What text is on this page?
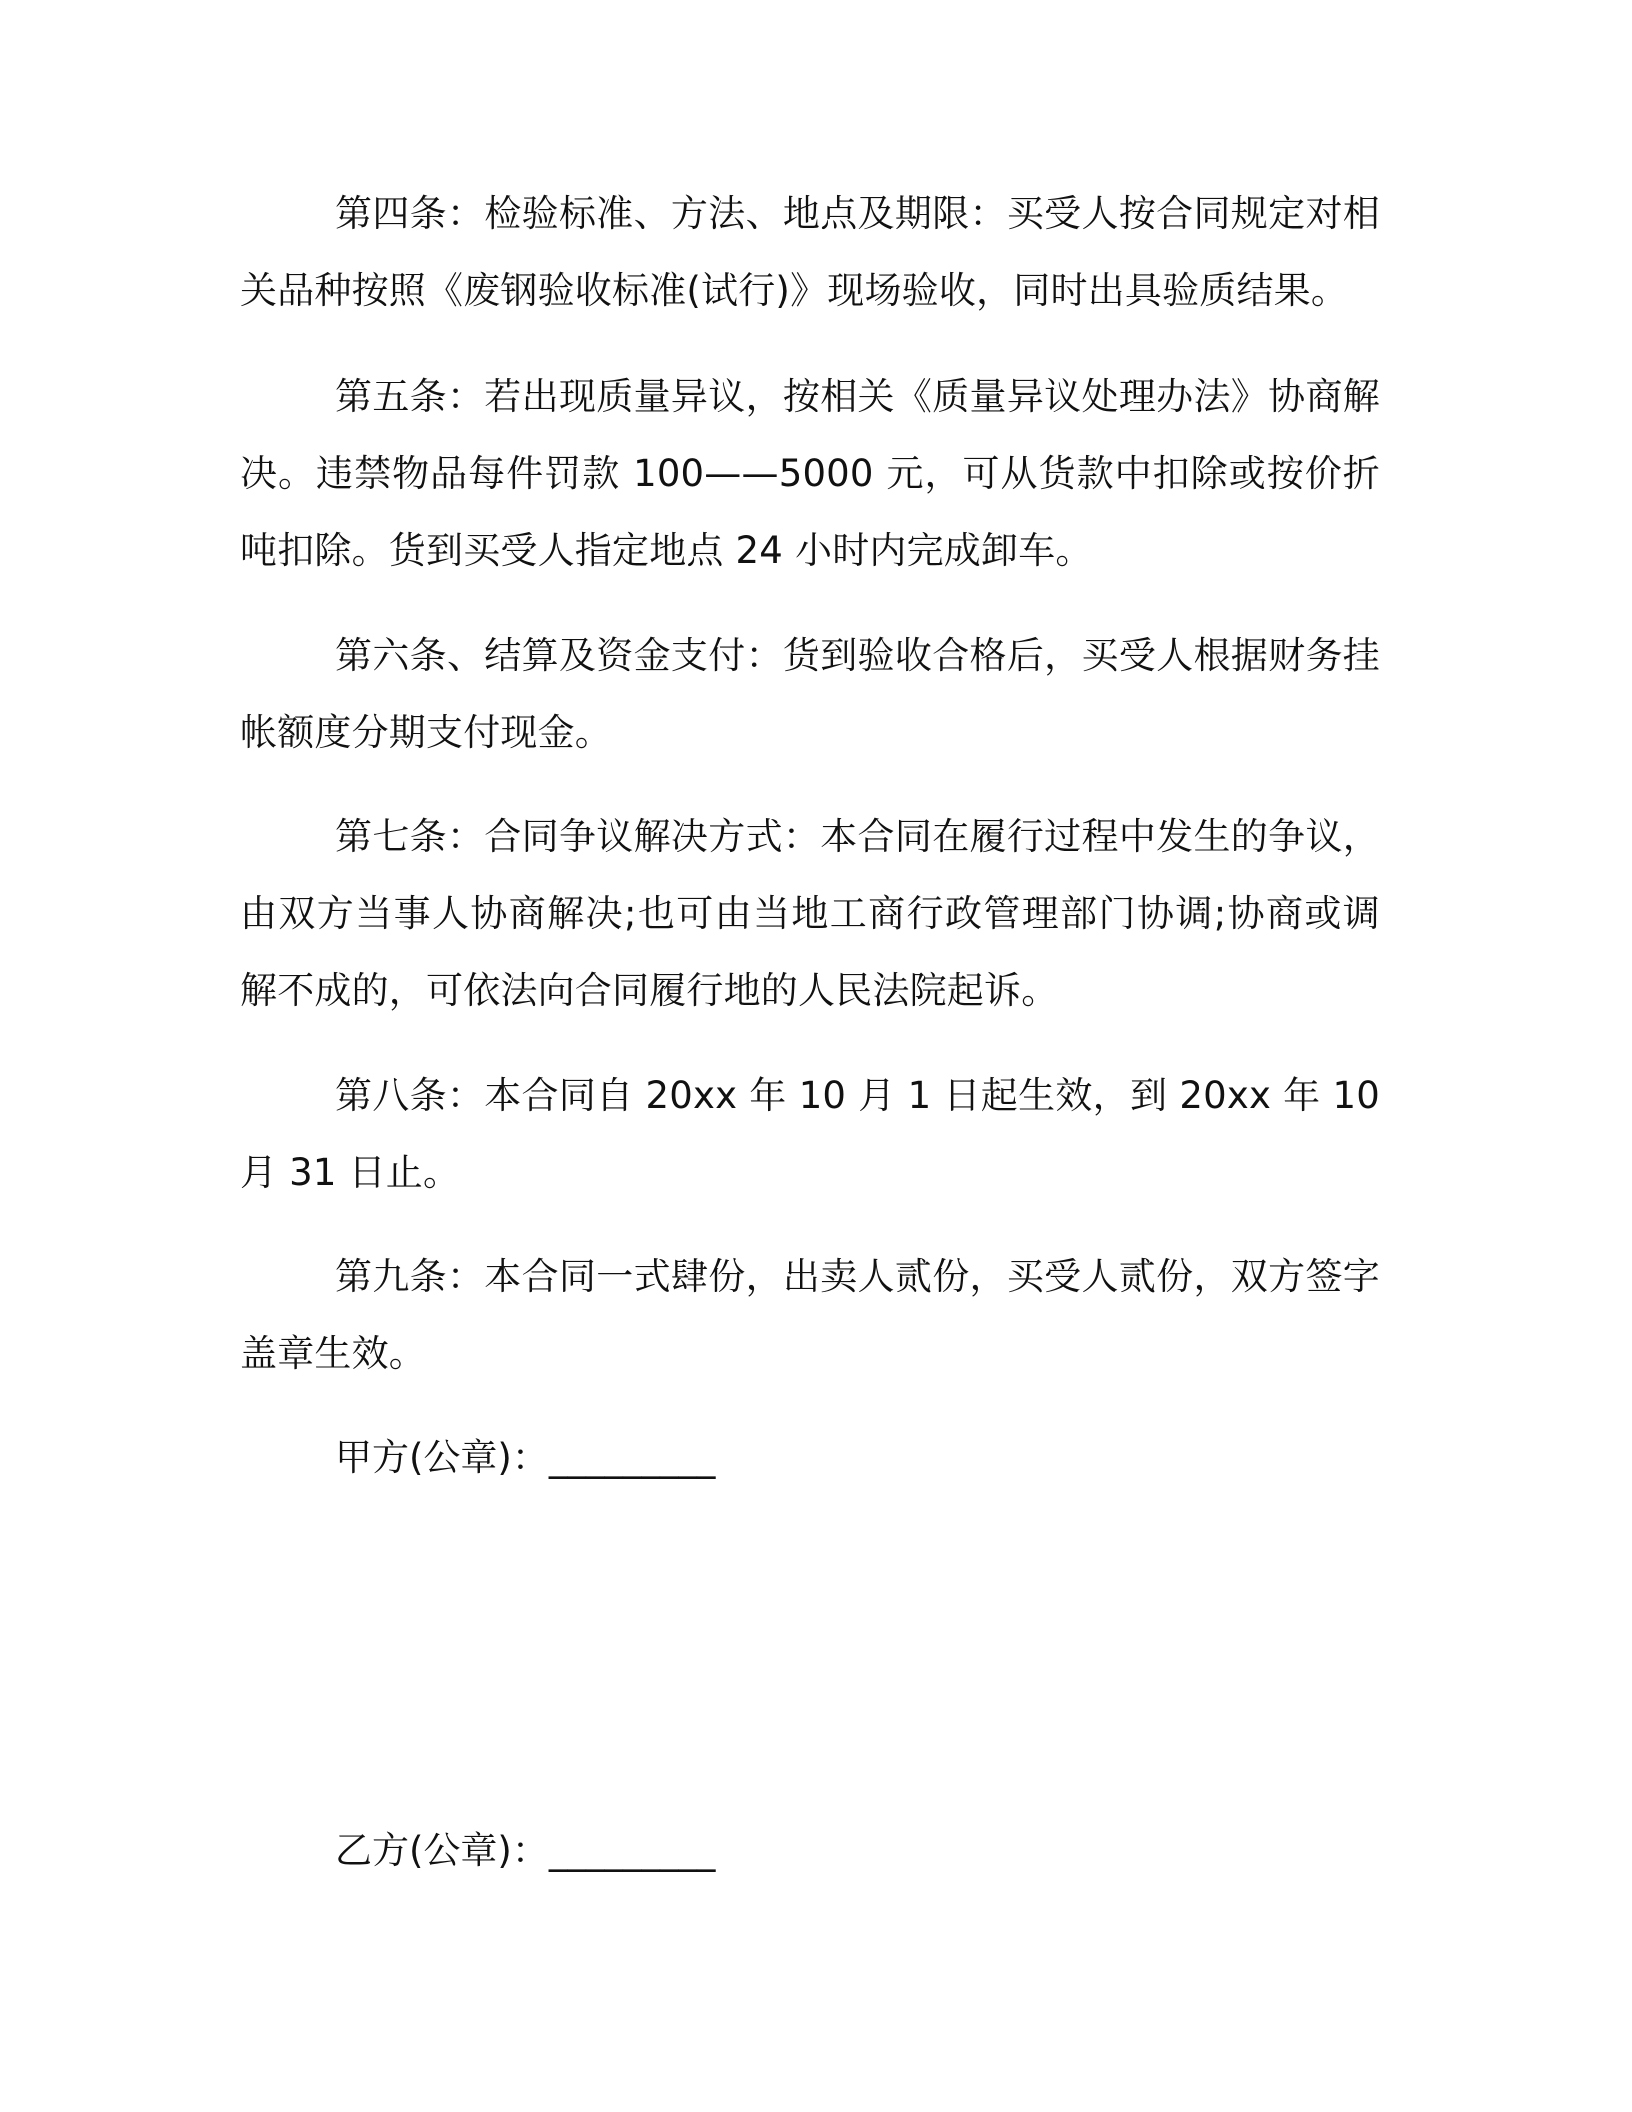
第四条：检验标准、方法、地点及期限：买受人按合同规定对相关品种按照《废钢验收标准(试行)》现场验收，同时出具验质结果。

第五条：若出现质量异议，按相关《质量异议处理办法》协商解决。违禁物品每件罚款 100——5000 元，可从货款中扣除或按价折吨扣除。货到买受人指定地点 24 小时内完成卸车。

第六条、结算及资金支付：货到验收合格后，买受人根据财务挂帐额度分期支付现金。

第七条：合同争议解决方式：本合同在履行过程中发生的争议，由双方当事人协商解决;也可由当地工商行政管理部门协调;协商或调解不成的，可依法向合同履行地的人民法院起诉。

第八条：本合同自 20xx 年 10 月 1 日起生效，到 20xx 年 10 月 31 日止。

第九条：本合同一式肆份，出卖人贰份，买受人贰份，双方签字盖章生效。

甲方(公章)：_________

乙方(公章)：_________
